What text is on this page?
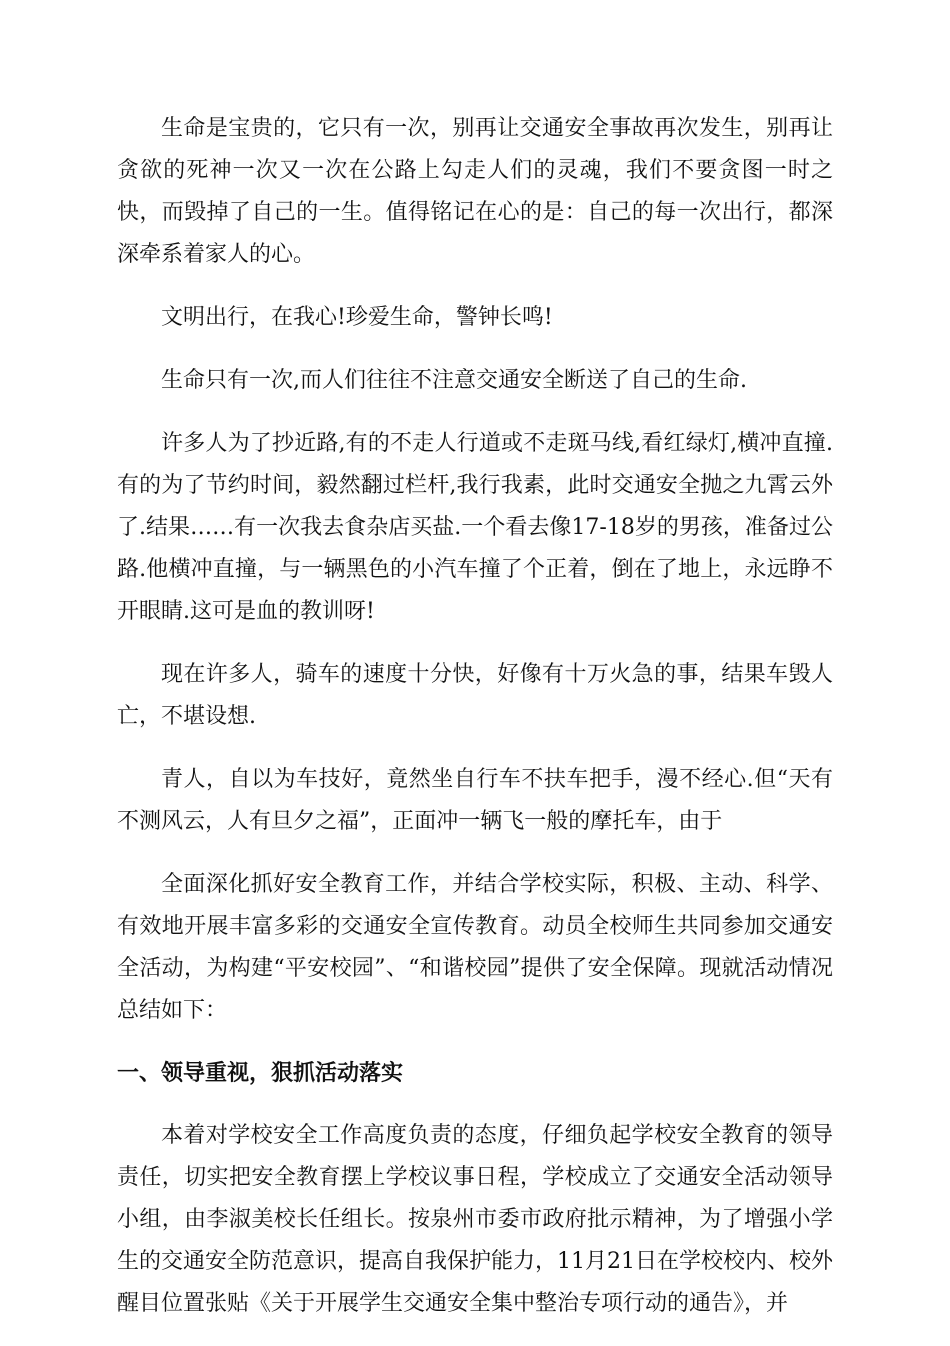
生命是宝贵的，它只有一次，别再让交通安全事故再次发生，别再让贪欲的死神一次又一次在公路上勾走人们的灵魂，我们不要贪图一时之快，而毁掉了自己的一生。值得铭记在心的是：自己的每一次出行，都深深牵系着家人的心。

文明出行，在我心!珍爱生命，警钟长鸣!

生命只有一次,而人们往往不注意交通安全断送了自己的生命.

许多人为了抄近路,有的不走人行道或不走斑马线,看红绿灯,横冲直撞.有的为了节约时间，毅然翻过栏杆,我行我素，此时交通安全抛之九霄云外了.结果……有一次我去食杂店买盐.一个看去像17-18岁的男孩，准备过公路.他横冲直撞，与一辆黑色的小汽车撞了个正着，倒在了地上，永远睁不开眼睛.这可是血的教训呀!

现在许多人，骑车的速度十分快，好像有十万火急的事，结果车毁人亡，不堪设想.

青人，自以为车技好，竟然坐自行车不扶车把手，漫不经心.但“天有不测风云，人有旦夕之福”，正面冲一辆飞一般的摩托车，由于

全面深化抓好安全教育工作，并结合学校实际，积极、主动、科学、有效地开展丰富多彩的交通安全宣传教育。动员全校师生共同参加交通安全活动，为构建“平安校园”、“和谐校园”提供了安全保障。现就活动情况总结如下：

一、领导重视，狠抓活动落实

本着对学校安全工作高度负责的态度，仔细负起学校安全教育的领导责任，切实把安全教育摆上学校议事日程，学校成立了交通安全活动领导小组，由李淑美校长任组长。按泉州市委市政府批示精神，为了增强小学生的交通安全防范意识，提高自我保护能力，11月21日在学校校内、校外醒目位置张贴《关于开展学生交通安全集中整治专项行动的通告》，并
